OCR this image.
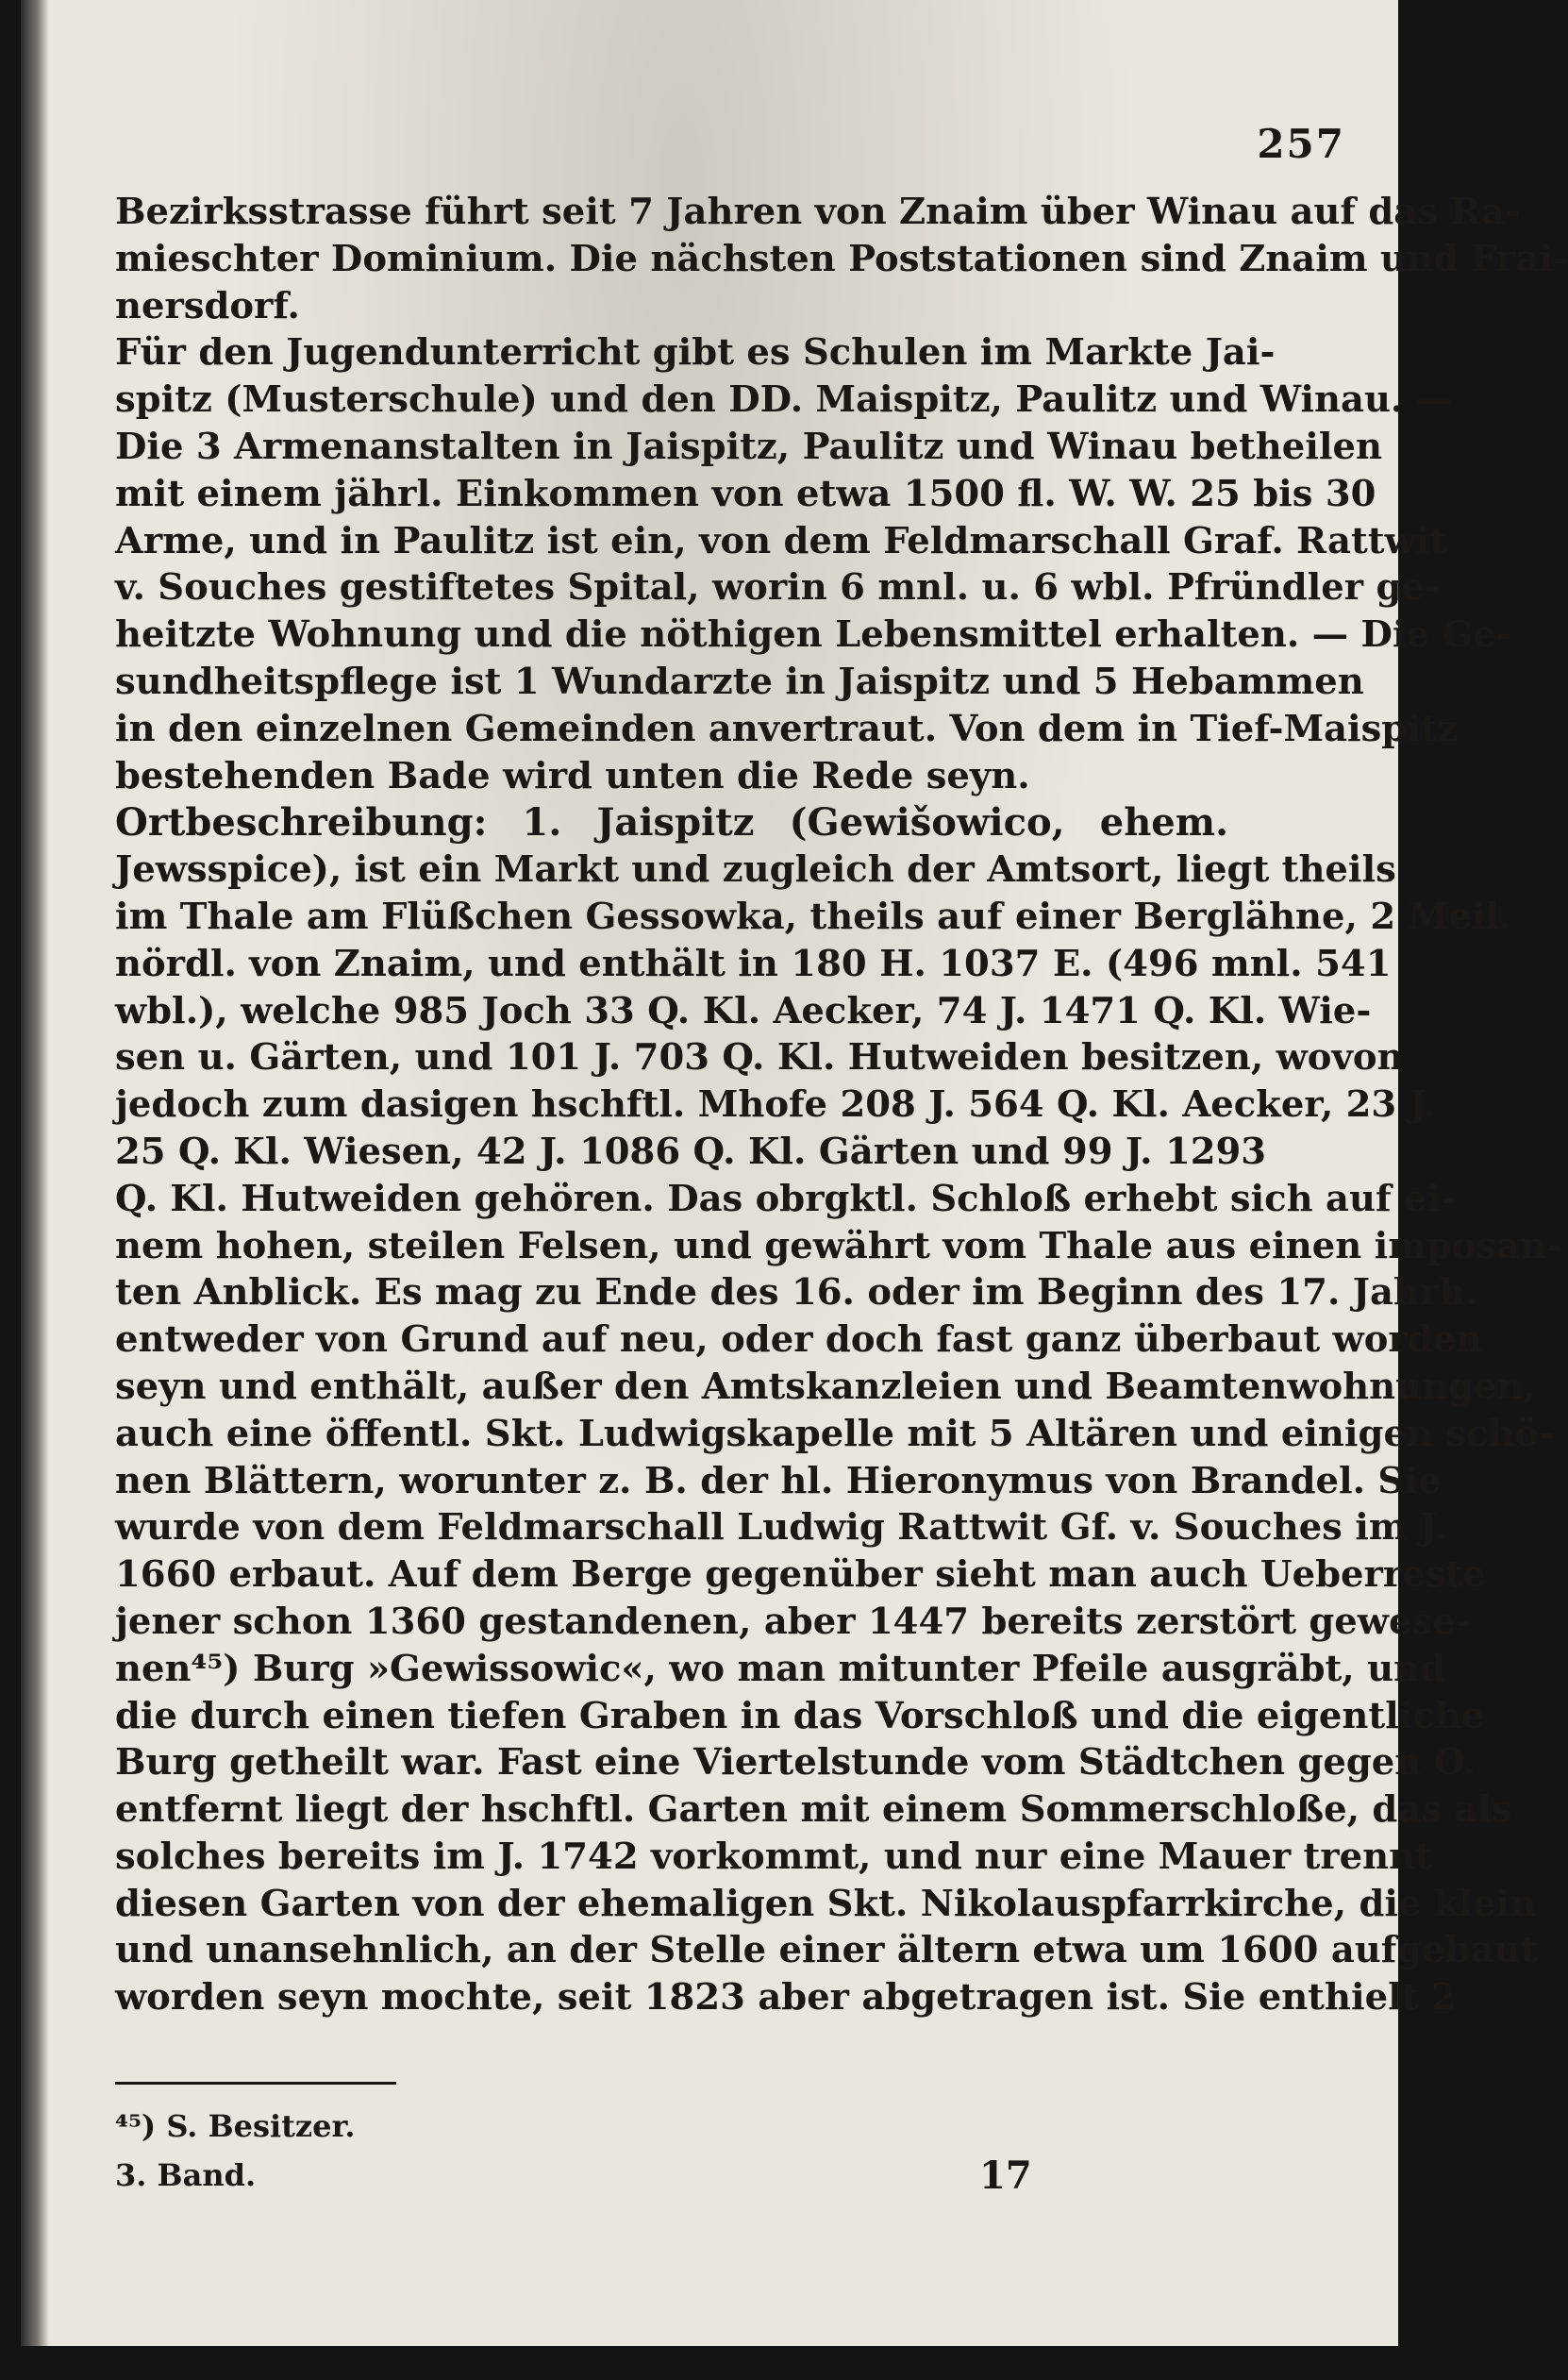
257
Bezirksstrasse führt seit 7 Jahren von Znaim über Winau auf das Ra-
mieschter Dominium. Die nächsten Poststationen sind Znaim und Frai-
nersdorf.
Für den Jugendunterricht gibt es Schulen im Markte Jai-
spitz (Musterschule) und den DD. Maispitz, Paulitz und Winau. —
Die 3 Armenanstalten in Jaispitz, Paulitz und Winau betheilen
mit einem jährl. Einkommen von etwa 1500 fl. W. W. 25 bis 30
Arme, und in Paulitz ist ein, von dem Feldmarschall Graf. Rattwit
v. Souches gestiftetes Spital, worin 6 mnl. u. 6 wbl. Pfründler ge-
heitzte Wohnung und die nöthigen Lebensmittel erhalten. — Die Ge-
sundheitspflege ist 1 Wundarzte in Jaispitz und 5 Hebammen
in den einzelnen Gemeinden anvertraut. Von dem in Tief-Maispitz
bestehenden Bade wird unten die Rede seyn.
Ortbeschreibung: 1. Jaispitz (Gewišowico, ehem.
Jewsspice), ist ein Markt und zugleich der Amtsort, liegt theils
im Thale am Flüßchen Gessowka, theils auf einer Berglähne, 2 Meil.
nördl. von Znaim, und enthält in 180 H. 1037 E. (496 mnl. 541
wbl.), welche 985 Joch 33 Q. Kl. Aecker, 74 J. 1471 Q. Kl. Wie-
sen u. Gärten, und 101 J. 703 Q. Kl. Hutweiden besitzen, wovon
jedoch zum dasigen hschftl. Mhofe 208 J. 564 Q. Kl. Aecker, 23 J.
25 Q. Kl. Wiesen, 42 J. 1086 Q. Kl. Gärten und 99 J. 1293
Q. Kl. Hutweiden gehören. Das obrgktl. Schloß erhebt sich auf ei-
nem hohen, steilen Felsen, und gewährt vom Thale aus einen imposan-
ten Anblick. Es mag zu Ende des 16. oder im Beginn des 17. Jahrh.
entweder von Grund auf neu, oder doch fast ganz überbaut worden
seyn und enthält, außer den Amtskanzleien und Beamtenwohnungen,
auch eine öffentl. Skt. Ludwigskapelle mit 5 Altären und einigen schö-
nen Blättern, worunter z. B. der hl. Hieronymus von Brandel. Sie
wurde von dem Feldmarschall Ludwig Rattwit Gf. v. Souches im J.
1660 erbaut. Auf dem Berge gegenüber sieht man auch Ueberreste
jener schon 1360 gestandenen, aber 1447 bereits zerstört gewese-
nen⁴⁵) Burg »Gewissowic«, wo man mitunter Pfeile ausgräbt, und
die durch einen tiefen Graben in das Vorschloß und die eigentliche
Burg getheilt war. Fast eine Viertelstunde vom Städtchen gegen O.
entfernt liegt der hschftl. Garten mit einem Sommerschloße, das als
solches bereits im J. 1742 vorkommt, und nur eine Mauer trennt
diesen Garten von der ehemaligen Skt. Nikolauspfarrkirche, die klein
und unansehnlich, an der Stelle einer ältern etwa um 1600 aufgebaut
worden seyn mochte, seit 1823 aber abgetragen ist. Sie enthielt 2
⁴⁵) S. Besitzer.
3. Band.	17
